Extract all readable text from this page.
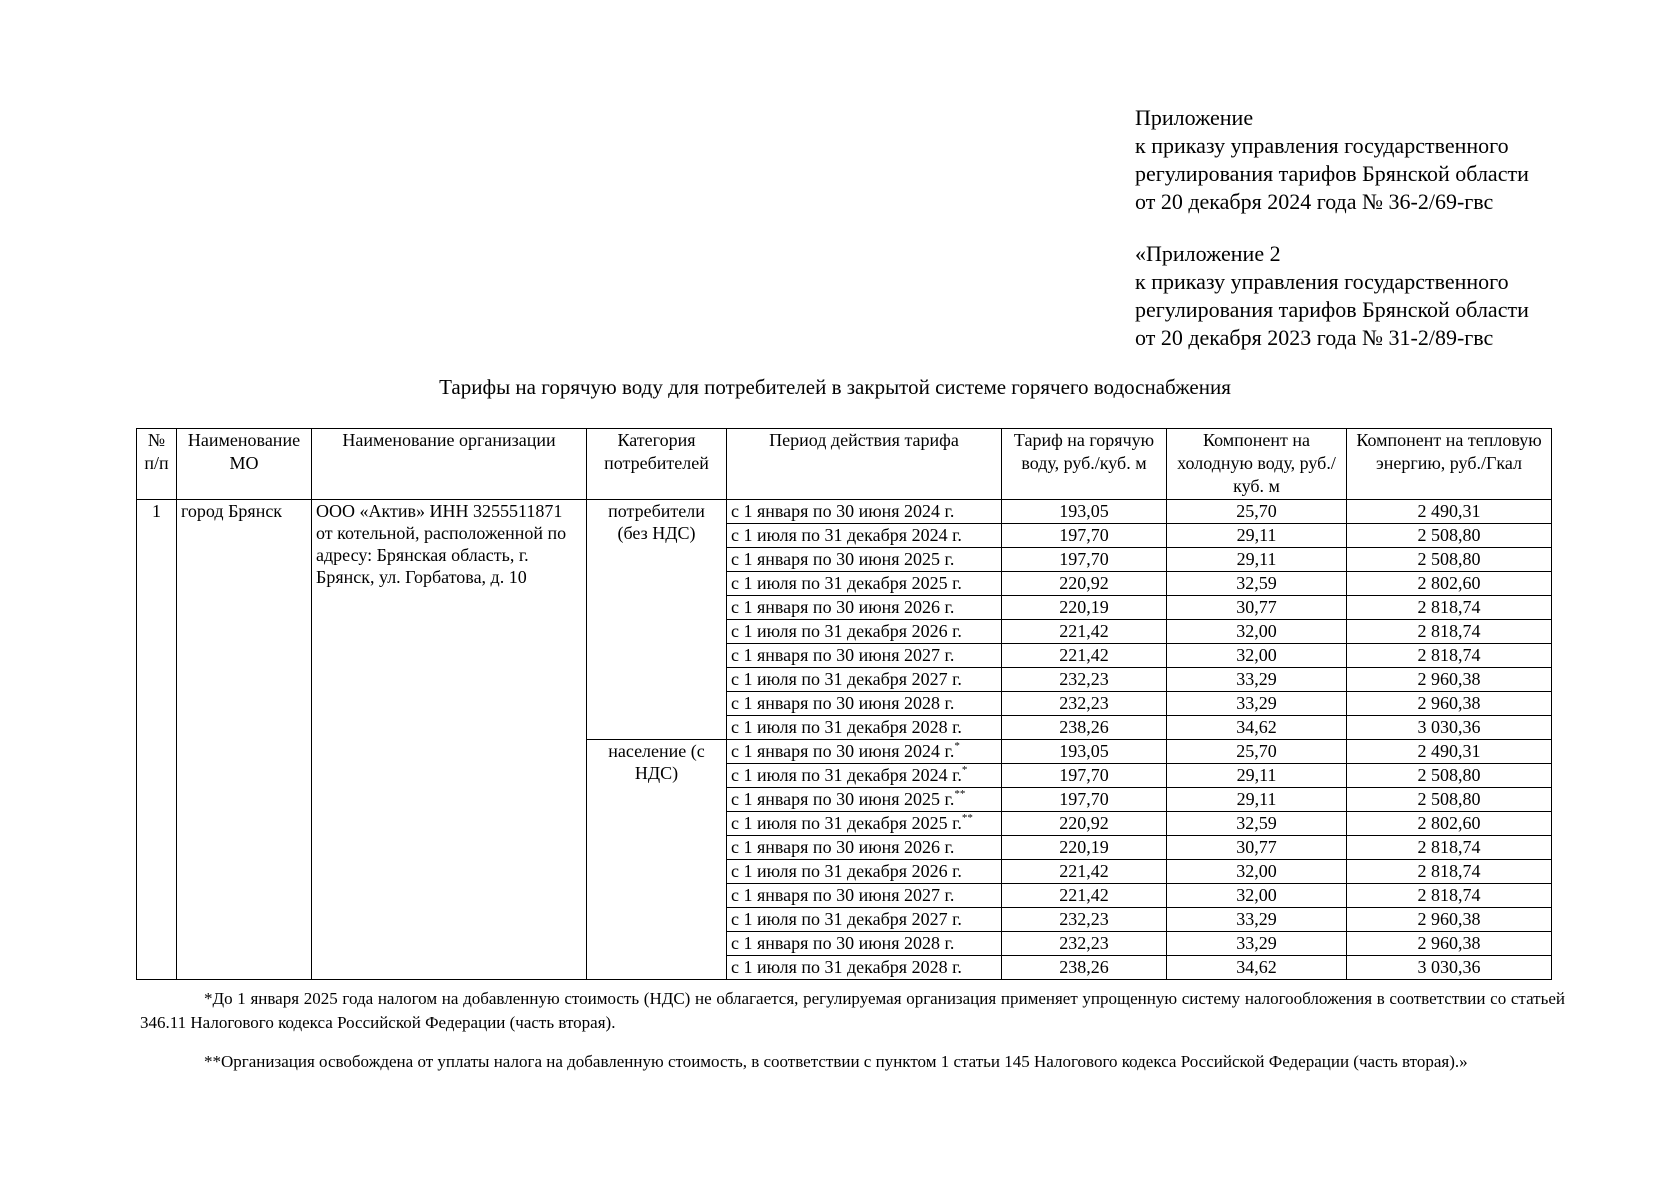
Приложение
к приказу управления государственного
регулирования тарифов Брянской области
от 20 декабря 2024 года № 36-2/69-гвс
«Приложение 2
к приказу управления государственного
регулирования тарифов Брянской области
от 20 декабря 2023 года № 31-2/89-гвс
Тарифы на горячую воду для потребителей в закрытой системе горячего водоснабжения
№ п/п	Наименование МО	Наименование организации	Категория потребителей	Период действия тарифа	Тариф на горячую воду, руб./куб. м	Компонент на холодную воду, руб./куб. м	Компонент на тепловую энергию, руб./Гкал
1	город Брянск	ООО «Актив» ИНН 3255511871 от котельной, расположенной по адресу: Брянская область, г. Брянск, ул. Горбатова, д. 10	потребители (без НДС)	с 1 января по 30 июня 2024 г.	193,05	25,70	2 490,31
				с 1 июля по 31 декабря 2024 г.	197,70	29,11	2 508,80
				с 1 января по 30 июня 2025 г.	197,70	29,11	2 508,80
				с 1 июля по 31 декабря 2025 г.	220,92	32,59	2 802,60
				с 1 января по 30 июня 2026 г.	220,19	30,77	2 818,74
				с 1 июля по 31 декабря 2026 г.	221,42	32,00	2 818,74
				с 1 января по 30 июня 2027 г.	221,42	32,00	2 818,74
				с 1 июля по 31 декабря 2027 г.	232,23	33,29	2 960,38
				с 1 января по 30 июня 2028 г.	232,23	33,29	2 960,38
				с 1 июля по 31 декабря 2028 г.	238,26	34,62	3 030,36
			население (с НДС)	с 1 января по 30 июня 2024 г.*	193,05	25,70	2 490,31
				с 1 июля по 31 декабря 2024 г.*	197,70	29,11	2 508,80
				с 1 января по 30 июня 2025 г.**	197,70	29,11	2 508,80
				с 1 июля по 31 декабря 2025 г.**	220,92	32,59	2 802,60
				с 1 января по 30 июня 2026 г.	220,19	30,77	2 818,74
				с 1 июля по 31 декабря 2026 г.	221,42	32,00	2 818,74
				с 1 января по 30 июня 2027 г.	221,42	32,00	2 818,74
				с 1 июля по 31 декабря 2027 г.	232,23	33,29	2 960,38
				с 1 января по 30 июня 2028 г.	232,23	33,29	2 960,38
				с 1 июля по 31 декабря 2028 г.	238,26	34,62	3 030,36

*До 1 января 2025 года налогом на добавленную стоимость (НДС) не облагается, регулируемая организация применяет упрощенную систему налогообложения в соответствии со статьей 346.11 Налогового кодекса Российской Федерации (часть вторая).

**Организация освобождена от уплаты налога на добавленную стоимость, в соответствии с пунктом 1 статьи 145 Налогового кодекса Российской Федерации (часть вторая).»
